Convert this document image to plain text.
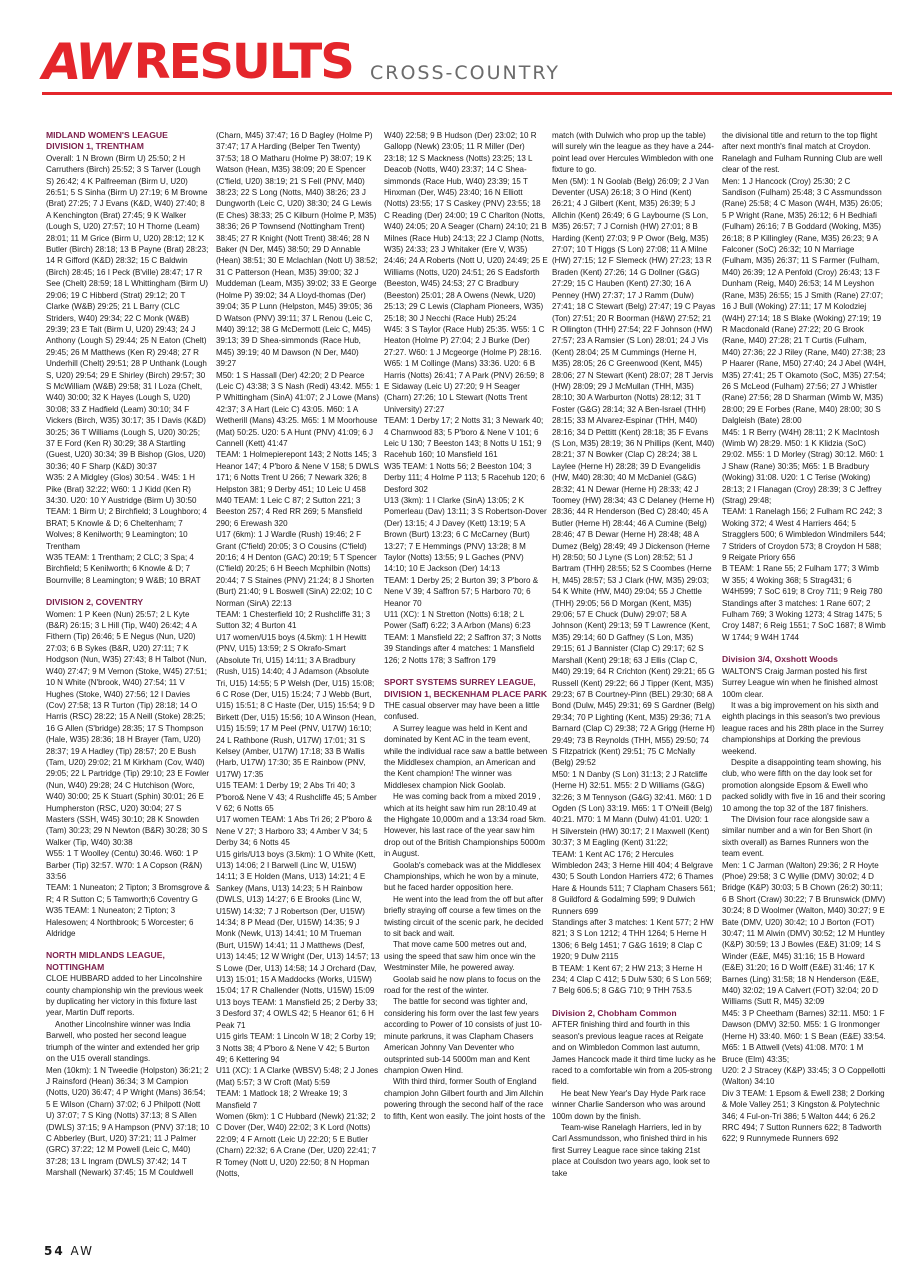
AW RESULTS CROSS-COUNTRY
MIDLAND WOMEN'S LEAGUE
DIVISION 1, TRENTHAM

Overall: 1 N Brown (Birm U) 25:50; 2 H Carruthers (Birch) 25:52; 3 S Tarver (Lough S) 26:42; 4 K Palfreeman (Birm U, U20) 26:51; 5 S Sinha (Birm U) 27:19; 6 M Browne (Brat) 27:25; 7 J Evans (K&D, W40) 27:40; 8 A Kenchington (Brat) 27:45; 9 K Walker (Lough S, U20) 27:57; 10 H Thorne (Leam) 28:01; 11 M Grice (Birm U, U20) 28:12; 12 K Butler (Birch) 28:18; 13 B Payne (Brat) 28:23; 14 R Gifford (K&D) 28:32; 15 C Baldwin (Birch) 28:45; 16 I Peck (B'ville) 28:47; 17 R See (Chelt) 28:59; 18 L Whittingham (Birm U) 29:06; 19 C Hibberd (Strat) 29:12; 20 T Clarke (W&B) 29:25; 21 L Barry (CLC Striders, W40) 29:34; 22 C Monk (W&B) 29:39; 23 E Tait (Birm U, U20) 29:43; 24 J Anthony (Lough S) 29:44; 25 N Eaton (Chelt) 29:45; 26 M Matthews (Ken R) 29:48; 27 R Underhill (Chelt) 29:51; 28 P Unthank (Lough S, U20) 29:54; 29 E Shirley (Birch) 29:57; 30 S McWilliam (W&B) 29:58; 31 I Loza (Chelt, W40) 30:00; 32 K Hayes (Lough S, U20) 30:08; 33 Z Hadfield (Leam) 30:10; 34 F Vickers (Birch, W35) 30:17; 35 I Davis (K&D) 30:25; 36 T Williams (Lough S, U20) 30:25; 37 E Ford (Ken R) 30:29; 38 A Startling (Guest, U20) 30:34; 39 B Bishop (Glos, U20) 30:36; 40 F Sharp (K&D) 30:37

W35: 2 A Midgley (Glos) 30:54 . W45: 1 H Pike (Brat) 32:22; W60: 1 J Kidd (Ken R) 34:30. U20: 10 Y Austridge (Birm U) 30:50

TEAM: 1 Birm U; 2 Birchfield; 3 Loughboro; 4 BRAT; 5 Knowle & D; 6 Cheltenham; 7 Wolves; 8 Kenilworth; 9 Leamington; 10 Trentham

W35 TEAM: 1 Trentham; 2 CLC; 3 Spa; 4 Birchfield; 5 Kenilworth; 6 Knowle & D; 7 Bournville; 8 Leamington; 9 W&B; 10 BRAT

DIVISION 2, COVENTRY

Women: 1 P Keen (Nun) 25:57; 2 L Kyte (B&R) 26:15; 3 L Hill (Tip, W40) 26:42; 4 A Fithern (Tip) 26:46; 5 E Negus (Nun, U20) 27:03; 6 B Sykes (B&R, U20) 27:11; 7 K Hodgson (Nun, W35) 27:43; 8 H Talbot (Nun, W40) 27:47; 9 M Vernon (Stoke, W45) 27:51; 10 N White (N'brook, W40) 27:54; 11 V Hughes (Stoke, W40) 27:56; 12 I Davies (Cov) 27:58; 13 R Turton (Tip) 28:18; 14 O Harris (RSC) 28:22; 15 A Neill (Stoke) 28:25; 16 G Allen (S'bridge) 28:35; 17 S Thompson (Hale, W35) 28:36; 18 H Brayer (Tam, U20) 28:37; 19 A Hadley (Tip) 28:57; 20 E Bush (Tam, U20) 29:02; 21 M Kirkham (Cov, W40) 29:05; 22 L Partridge (Tip) 29:10; 23 E Fowler (Nun, W40) 29:28; 24 C Hutchison (Worc, W40) 30:00; 25 K Stuart (Sphin) 30:01; 26 E Humpherston (RSC, U20) 30:04; 27 S Masters (SSH, W45) 30:10; 28 K Snowden (Tam) 30:23; 29 N Newton (B&R) 30:28; 30 S Walker (Tip, W40) 30:38

W55: 1 T Woolley (Centu) 30:46. W60: 1 P Barber (Tip) 32:57. W70: 1 A Copson (R&N) 33:56

TEAM: 1 Nuneaton; 2 Tipton; 3 Bromsgrove & R; 4 R Sutton C; 5 Tamworth;6 Coventry G

W35 TEAM: 1 Nuneaton; 2 Tipton; 3 Halesowen; 4 Northbrook; 5 Worcester; 6 Aldridge

NORTH MIDLANDS LEAGUE, NOTTINGHAM

CLOE HUBBARD added to her Lincolnshire county championship win the previous week by duplicating her victory in this fixture last year, Martin Duff reports.

Another Lincolnshire winner was India Barwell, who posted her second league triumph of the winter and extended her grip on the U15 overall standings.

Men (10km): 1 N Tweedie (Holpston) 36:21; 2 J Rainsford (Hean) 36:34; 3 M Campion (Notts, U20) 36:47; 4 P Wright (Mans) 36:54; 5 E Wilson (Charn) 37:02; 6 J Philpott (Nott U) 37:07; 7 S King (Notts) 37:13; 8 S Allen (DWLS) 37:15; 9 A Hampson (PNV) 37:18; 10 C Abberley (Burt, U20) 37:21; 11 J Palmer (GRC) 37:22; 12 M Powell (Leic C, M40) 37:28; 13 L Ingram (DWLS) 37:42; 14 T Marshall (Newark) 37:45; 15 M Couldwell

(Charn, M45) 37:47; 16 D Bagley (Holme P) 37:47; 17 A Harding (Belper Ten Twenty) 37:53; 18 O Matharu (Holme P) 38:07; 19 K Watson (Hean, M35) 38:09; 20 E Spencer (C'field, U20) 38:19; 21 S Fell (PNV, M40) 38:23; 22 S Long (Notts, M40) 38:26; 23 J Dungworth (Leic C, U20) 38:30; 24 G Lewis (E Ches) 38:33; 25 C Kilburn (Holme P, M35) 38:36; 26 P Townsend (Nottingham Trent) 38:45; 27 R Knight (Nott Trent) 38:46; 28 N Baker (N Der, M45) 38:50; 29 D Annable (Hean) 38:51; 30 E Mclachlan (Nott U) 38:52; 31 C Patterson (Hean, M35) 39:00; 32 J Muddeman (Leam, M35) 39:02; 33 E George (Holme P) 39:02; 34 A Lloyd-thomas (Der) 39:04; 35 P Lunn (Helpston, M45) 39:05; 36 D Watson (PNV) 39:11; 37 L Renou (Leic C, M40) 39:12; 38 G McDermott (Leic C, M45) 39:13; 39 D Shea-simmonds (Race Hub, M45) 39:19; 40 M Dawson (N Der, M40) 39:27

M50: 1 S Hassall (Der) 42:20; 2 D Pearce (Leic C) 43:38; 3 S Nash (Redi) 43:42. M55: 1 P Whittingham (SinA) 41:07; 2 J Lowe (Mans) 42:37; 3 A Hart (Leic C) 43:05. M60: 1 A Wetherill (Mans) 43:25. M65: 1 M Moorhouse (Mat) 50:25. U20: 5 A Hunt (PNV) 41:09; 6 J Cannell (Kett) 41:47

TEAM: 1 Holmepierepont 143; 2 Notts 145; 3 Heanor 147; 4 P'boro & Nene V 158; 5 DWLS 171; 6 Notts Trent U 266; 7 Newark 326; 8 Helpston 381; 9 Derby 451; 10 Leic U 458

M40 TEAM: 1 Leic C 87; 2 Sutton 221; 3 Beeston 257; 4 Red RR 269; 5 Mansfield 290; 6 Erewash 320

U17 (6km): 1 J Wardle (Rush) 19:46; 2 F Grant (C'field) 20:05; 3 O Cousins (C'field) 20:16; 4 H Denton (GAC) 20:19; 5 T Spencer (C'field) 20:25; 6 H Beech Mcphilbin (Notts) 20:44; 7 S Staines (PNV) 21:24; 8 J Shorten (Burt) 21:40; 9 L Boswell (SinA) 22:02; 10 C Norman (SinA) 22:13

TEAM: 1 Chesterfield 10; 2 Rushcliffe 31; 3 Sutton 32; 4 Burton 41

U17 women/U15 boys (4.5km): 1 H Hewitt (PNV, U15) 13:59; 2 S Okrafo-Smart (Absolute Tri, U15) 14:11; 3 A Bradbury (Rush, U15) 14:40; 4 J Adamson (Absolute Tri, U15) 14:55; 5 P Welsh (Der, U15) 15:08; 6 C Rose (Der, U15) 15:24; 7 J Webb (Burt, U15) 15:51; 8 C Haste (Der, U15) 15:54; 9 D Birkett (Der, U15) 15:56; 10 A Winson (Hean, U15) 15:59; 17 M Peel (PNV, U17W) 16:10; 24 L Rathbone (Rush, U17W) 17:01; 31 S Kelsey (Amber, U17W) 17:18; 33 B Wallis (Harb, U17W) 17:30; 35 E Rainbow (PNV, U17W) 17:35

U15 TEAM: 1 Derby 19; 2 Abs Tri 40; 3 P'boro& Nene V 43; 4 Rushcliffe 45; 5 Amber V 62; 6 Notts 65

U17 women TEAM: 1 Abs Tri 26; 2 P'boro & Nene V 27; 3 Harboro 33; 4 Amber V 34; 5 Derby 34; 6 Notts 45

U15 girls/U13 boys (3.5km): 1 O White (Kett, U13) 14:06; 2 I Barwell (Linc W, U15W) 14:11; 3 E Holden (Mans, U13) 14:21; 4 E Sankey (Mans, U13) 14:23; 5 H Rainbow (DWLS, U13) 14:27; 6 E Brooks (Linc W, U15W) 14:32; 7 J Robertson (Der, U15W) 14:34; 8 P Mead (Der, U15W) 14:35; 9 J Monk (Newk, U13) 14:41; 10 M Trueman (Burt, U15W) 14:41; 11 J Matthews (Desf, U13) 14:45; 12 W Wright (Der, U13) 14:57; 13 S Lowe (Der, U13) 14:58; 14 J Orchard (Dav, U13) 15:01; 15 A Maddocks (Works, U15W) 15:04; 17 R Challender (Notts, U15W) 15:09

U13 boys TEAM: 1 Mansfield 25; 2 Derby 33; 3 Desford 37; 4 OWLS 42; 5 Heanor 61; 6 H Peak 71

U15 girls TEAM: 1 Lincoln W 18; 2 Corby 19; 3 Notts 38; 4 P'boro & Nene V 42; 5 Burton 49; 6 Kettering 94

U11 (XC): 1 A Clarke (WBSV) 5:48; 2 J Jones (Mat) 5:57; 3 W Croft (Mat) 5:59

TEAM: 1 Matlock 18; 2 Wreake 19; 3 Mansfield 7

Women (6km): 1 C Hubbard (Newk) 21:32; 2 C Dover (Der, W40) 22:02; 3 K Lord (Notts) 22:09; 4 F Arnott (Leic U) 22:20; 5 E Butler (Charn) 22:32; 6 A Crane (Der, U20) 22:41; 7 R Tomey (Nott U, U20) 22:50; 8 N Hopman (Notts,

W40) 22:58; 9 B Hudson (Der) 23:02; 10 R Gallopp (Newk) 23:05; 11 R Miller (Der) 23:18; 12 S Mackness (Notts) 23:25; 13 L Deacob (Notts, W40) 23:37; 14 C Shea-simmonds (Race Hub, W40) 23:39; 15 T Hinxman (Der, W45) 23:40; 16 N Elliott (Notts) 23:55; 17 S Caskey (PNV) 23:55; 18 C Reading (Der) 24:00; 19 C Charlton (Notts, W40) 24:05; 20 A Seager (Charn) 24:10; 21 B Milnes (Race Hub) 24:13; 22 J Clamp (Notts, W35) 24:33; 23 J Whitaker (Ere V, W35) 24:46; 24 A Roberts (Nott U, U20) 24:49; 25 E Williams (Notts, U20) 24:51; 26 S Eadsforth (Beeston, W45) 24:53; 27 C Bradbury (Beeston) 25:01; 28 A Owens (Newk, U20) 25:13; 29 C Lewis (Clapham Pioneers, W35) 25:18; 30 J Necchi (Race Hub) 25:24

W45: 3 S Taylor (Race Hub) 25:35. W55: 1 C Heaton (Holme P) 27:04; 2 J Burke (Der) 27:27. W60: 1 J Mcgeorge (Holme P) 28:16. W65: 1 M Collinge (Mans) 33:36. U20: 6 B Harris (Notts) 26:41; 7 A Park (PNV) 26:59; 8 E Sidaway (Leic U) 27:20; 9 H Seager (Charn) 27:26; 10 L Stewart (Notts Trent University) 27:27

TEAM: 1 Derby 17; 2 Notts 31; 3 Newark 40; 4 Charnwood 83; 5 P'boro & Nene V 101; 6 Leic U 130; 7 Beeston 143; 8 Notts U 151; 9 Racehub 160; 10 Mansfield 161

W35 TEAM: 1 Notts 56; 2 Beeston 104; 3 Derby 111; 4 Holme P 113; 5 Racehub 120; 6 Desford 302

U13 (3km): 1 I Clarke (SinA) 13:05; 2 K Pomerleau (Dav) 13:11; 3 S Robertson-Dover (Der) 13:15; 4 J Davey (Kett) 13:19; 5 A Brown (Burt) 13:23; 6 C McCarney (Burt) 13:27; 7 E Hemmings (PNV) 13:28; 8 M Taylor (Notts) 13:55; 9 L Gaches (PNV) 14:10; 10 E Jackson (Der) 14:13

TEAM: 1 Derby 25; 2 Burton 39; 3 P'boro & Nene V 39; 4 Saffron 57; 5 Harboro 70; 6 Heanor 70

U11 (XC): 1 N Stretton (Notts) 6:18; 2 L Power (Saff) 6:22; 3 A Arbon (Mans) 6:23

TEAM: 1 Mansfield 22; 2 Saffron 37; 3 Notts 39 Standings after 4 matches: 1 Mansfield 126; 2 Notts 178; 3 Saffron 179

SPORT SYSTEMS SURREY LEAGUE, DIVISION 1, BECKENHAM PLACE PARK

THE casual observer may have been a little confused.

A Surrey league was held in Kent and dominated by Kent AC in the team event, while the individual race saw a battle between the Middlesex champion, an American and the Kent champion! The winner was Middlesex champion Nick Goolab.

He was coming back from a mixed 2019 , which at its height saw him run 28:10.49 at the Highgate 10,000m and a 13:34 road 5km. However, his last race of the year saw him drop out of the British Championships 5000m in August.

Goolab's comeback was at the Middlesex Championships, which he won by a minute, but he faced harder opposition here.

He went into the lead from the off but after briefly straying off course a few times on the twisting circuit of the scenic park, he decided to sit back and wait.

That move came 500 metres out and, using the speed that saw him once win the Westminster Mile, he powered away.

Goolab said he now plans to focus on the road for the rest of the winter.

The battle for second was tighter and, considering his form over the last few years according to Power of 10 consists of just 10-minute parkruns, it was Clapham Chasers American Johnny Van Deventer who outsprinted sub-14 5000m man and Kent champion Owen Hind.

With third third, former South of England champion John Gilbert fourth and Jim Allchin powering through the second half of the race to fifth, Kent won easily. The joint hosts of the

match (with Dulwich who prop up the table) will surely win the league as they have a 244-point lead over Hercules Wimbledon with one fixture to go.

Men (5M): 1 N Goolab (Belg) 26:09; 2 J Van Deventer (USA) 26:18; 3 O Hind (Kent) 26:21; 4 J Gilbert (Kent, M35) 26:39; 5 J Allchin (Kent) 26:49; 6 G Laybourne (S Lon, M35) 26:57; 7 J Cornish (HW) 27:01; 8 B Harding (Kent) 27:03; 9 P Owor (Belg, M35) 27:07; 10 T Higgs (S Lon) 27:08; 11 A Milne (HW) 27:15; 12 F Slemeck (HW) 27:23; 13 R Braden (Kent) 27:26; 14 G Dollner (G&G) 27:29; 15 C Hauben (Kent) 27:30; 16 A Penney (HW) 27:37; 17 J Ramm (Dulw) 27:41; 18 C Stewart (Belg) 27:47; 19 C Payas (Ton) 27:51; 20 R Boorman (H&W) 27:52; 21 R Ollington (THH) 27:54; 22 F Johnson (HW) 27:57; 23 A Ramsier (S Lon) 28:01; 24 J Vis (Kent) 28:04; 25 M Cummings (Herne H, M35) 28:05; 26 C Greenwood (Kent, M45) 28:06; 27 N Stewart (Kent) 28:07; 28 T Jervis (HW) 28:09; 29 J McMullan (THH, M35) 28:10; 30 A Warburton (Notts) 28:12; 31 T Foster (G&G) 28:14; 32 A Ben-Israel (THH) 28:15; 33 M Alvarez-Espinar (THH, M40) 28:16; 34 D Pettitt (Kent) 28:18; 35 F Evans (S Lon, M35) 28:19; 36 N Phillips (Kent, M40) 28:21; 37 N Bowker (Clap C) 28:24; 38 L Laylee (Herne H) 28:28; 39 D Evangelidis (HW, M40) 28:30; 40 M McDaniel (G&G) 28:32; 41 N Dewar (Herne H) 28:33; 42 J Toomey (HW) 28:34; 43 C Delaney (Herne H) 28:36; 44 R Henderson (Bed C) 28:40; 45 A Butler (Herne H) 28:44; 46 A Cumine (Belg) 28:46; 47 B Dewar (Herne H) 28:48; 48 A Dumez (Belg) 28:49; 49 J Dickenson (Herne H) 28:50; 50 J Lyne (S Lon) 28:52; 51 J Bartram (THH) 28:55; 52 S Coombes (Herne H, M45) 28:57; 53 J Clark (HW, M35) 29:03; 54 K White (HW, M40) 29:04; 55 J Chettle (THH) 29:05; 56 D Morgan (Kent, M35) 29:06; 57 E Chuck (Dulw) 29:07; 58 A Johnson (Kent) 29:13; 59 T Lawrence (Kent, M35) 29:14; 60 D Gaffney (S Lon, M35) 29:15; 61 J Bannister (Clap C) 29:17; 62 S Marshall (Kent) 29:18; 63 J Ellis (Clap C, M40) 29:19; 64 R Crichton (Kent) 29:21; 65 G Russell (Kent) 29:22; 66 J Tipper (Kent, M35) 29:23; 67 B Courtney-Pinn (BEL) 29:30; 68 A Bond (Dulw, M45) 29:31; 69 S Gardner (Belg) 29:34; 70 P Lighting (Kent, M35) 29:36; 71 A Barnard (Clap C) 29:38; 72 A Grigg (Herne H) 29:49; 73 B Reynolds (THH, M55) 29:50; 74 S Fitzpatrick (Kent) 29:51; 75 C McNally (Belg) 29:52

M50: 1 N Danby (S Lon) 31:13; 2 J Ratcliffe (Herne H) 32:51. M55: 2 D Williams (G&G) 32:26; 3 M Tennyson (G&G) 32:41. M60: 1 D Ogden (S Lon) 33:19. M65: 1 T O'Neill (Belg) 40:21. M70: 1 M Mann (Dulw) 41:01. U20: 1 H Silverstein (HW) 30:17; 2 I Maxwell (Kent) 30:37; 3 M Eagling (Kent) 31:22;

TEAM: 1 Kent AC 176; 2 Hercules Wimbledon 243; 3 Herne Hill 404; 4 Belgrave 430; 5 South London Harriers 472; 6 Thames Hare & Hounds 511; 7 Clapham Chasers 561; 8 Guildford & Godalming 599; 9 Dulwich Runners 699

Standings after 3 matches: 1 Kent 577; 2 HW 821; 3 S Lon 1212; 4 THH 1264; 5 Herne H 1306; 6 Belg 1451; 7 G&G 1619; 8 Clap C 1920; 9 Dulw 2115

B TEAM: 1 Kent 67; 2 HW 213; 3 Herne H 234; 4 Clap C 412; 5 Dulw 530; 6 S Lon 569; 7 Belg 606.5; 8 G&G 710; 9 THH 753.5

Division 2, Chobham Common

AFTER finishing third and fourth in this season's previous league races at Reigate and on Wimbledon Common last autumn, James Hancock made it third time lucky as he raced to a comfortable win from a 205-strong field.

He beat New Year's Day Hyde Park race winner Charlie Sanderson who was around 100m down by the finish.

Team-wise Ranelagh Harriers, led in by Carl Assmundsson, who finished third in his first Surrey League race since taking 21st place at Coulsdon two years ago, look set to take

the divisional title and return to the top flight after next month's final match at Croydon. Ranelagh and Fulham Running Club are well clear of the rest.

Men: 1 J Hancock (Croy) 25:30; 2 C Sandison (Fulham) 25:48; 3 C Assmundsson (Rane) 25:58; 4 C Mason (W4H, M35) 26:05; 5 P Wright (Rane, M35) 26:12; 6 H Bedhiafi (Fulham) 26:16; 7 B Goddard (Woking, M35) 26:18; 8 P Killingley (Rane, M35) 26:23; 9 A Falconer (SoC) 26:32; 10 N Marriage (Fulham, M35) 26:37; 11 S Farmer (Fulham, M40) 26:39; 12 A Penfold (Croy) 26:43; 13 F Dunham (Reig, M40) 26:53; 14 M Leyshon (Rane, M35) 26:55; 15 J Smith (Rane) 27:07; 16 J Bull (Woking) 27:11; 17 M Kolodziej (W4H) 27:14; 18 S Blake (Woking) 27:19; 19 R Macdonald (Rane) 27:22; 20 G Brook (Rane, M40) 27:28; 21 T Curtis (Fulham, M40) 27:36; 22 J Riley (Rane, M40) 27:38; 23 P Haarer (Rane, M50) 27:40; 24 J Abel (W4H, M35) 27:41; 25 T Okamoto (SoC, M35) 27:54; 26 S McLeod (Fulham) 27:56; 27 J Whistler (Rane) 27:56; 28 D Sharman (Wimb W, M35) 28:00; 29 E Forbes (Rane, M40) 28:00; 30 S Dalgleish (Bate) 28:00

M45: 1 R Berry (W4H) 28:11; 2 K MacIntosh (Wimb W) 28:29. M50: 1 K Klidzia (SoC) 29:02. M55: 1 D Morley (Strag) 30:12. M60: 1 J Shaw (Rane) 30:35; M65: 1 B Bradbury (Woking) 31:08. U20: 1 C Terise (Woking) 28:13; 2 I Flanagan (Croy) 28:39; 3 C Jeffrey (Strag) 29:48;

TEAM: 1 Ranelagh 156; 2 Fulham RC 242; 3 Woking 372; 4 West 4 Harriers 464; 5 Stragglers 500; 6 Wimbledon Windmilers 544; 7 Striders of Croydon 573; 8 Croydon H 588; 9 Reigate Priory 656

B TEAM: 1 Rane 55; 2 Fulham 177; 3 Wimb W 355; 4 Woking 368; 5 Strag431; 6 W4H599; 7 SoC 619; 8 Croy 711; 9 Reig 780

Standings after 3 matches: 1 Rane 607; 2 Fulham 769; 3 Woking 1273; 4 Strag 1475; 5 Croy 1487; 6 Reig 1551; 7 SoC 1687; 8 Wimb W 1744; 9 W4H 1744

Division 3/4, Oxshott Woods

WALTON'S Craig Jarman posted his first Surrey League win when he finished almost 100m clear.

It was a big improvement on his sixth and eighth placings in this season's two previous league races and his 28th place in the Surrey championships at Dorking the previous weekend.

Despite a disappointing team showing, his club, who were fifth on the day look set for promotion alongside Epsom & Ewell who packed solidly with five in 16 and their scoring 10 among the top 32 of the 187 finishers.

The Division four race alongside saw a similar number and a win for Ben Short (in sixth overall) as Barnes Runners won the team event.

Men: 1 C Jarman (Walton) 29:36; 2 R Hoyte (Phoe) 29:58; 3 C Wyllie (DMV) 30:02; 4 D Bridge (K&P) 30:03; 5 B Chown (26:2) 30:11; 6 B Short (Craw) 30:22; 7 B Brunswick (DMV) 30:24; 8 D Woolmer (Walton, M40) 30:27; 9 E Bate (DMV, U20) 30:42; 10 J Borton (FOT) 30:47; 11 M Alwin (DMV) 30:52; 12 M Huntley (K&P) 30:59; 13 J Bowles (E&E) 31:09; 14 S Winder (E&E, M45) 31:16; 15 B Howard (E&E) 31:20; 16 D Wolff (E&E) 31:46; 17 K Barnes (Ling) 31:58; 18 N Henderson (E&E, M40) 32:02; 19 A Calvert (FOT) 32:04; 20 D Williams (Sutt R, M45) 32:09

M45: 3 P Cheetham (Barnes) 32:11. M50: 1 F Dawson (DMV) 32:50. M55: 1 G Ironmonger (Herne H) 33:40. M60: 1 S Bean (E&E) 33:54. M65: 1 B Attwell (Vets) 41:08. M70: 1 M Bruce (Elm) 43:35;

U20: 2 J Stracey (K&P) 33:45; 3 O Coppellotti (Walton) 34:10

Div 3 TEAM: 1 Epsom & Ewell 238; 2 Dorking & Mole Valley 251; 3 Kingston & Polytechnic 346; 4 Ful-on-Tri 386; 5 Walton 444; 6 26.2 RRC 494; 7 Sutton Runners 622; 8 Tadworth 622; 9 Runnymede Runners 692

54 AW
